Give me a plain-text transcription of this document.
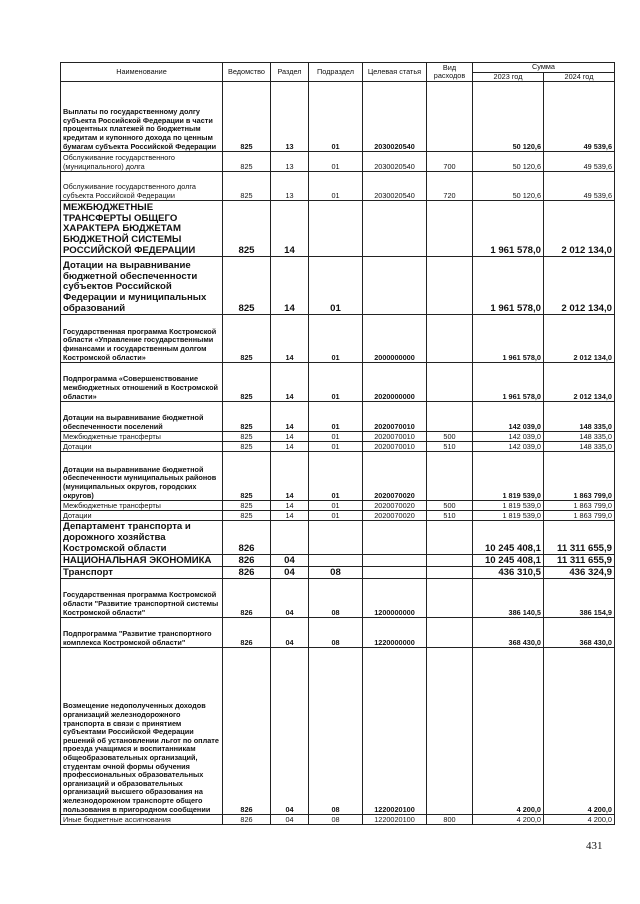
Наименование	Ведомство	Раздел	Подраздел	Целевая статья	Вид расходов	Сумма	
						2023 год	2024 год
Выплаты по государственному долгу субъекта Российской Федерации в части процентных платежей по бюджетным кредитам и купонного дохода по ценным бумагам субъекта Российской Федерации	825	13	01	2030020540		50 120,6	49 539,6
Обслуживание государственного (муниципального) долга	825	13	01	2030020540	700	50 120,6	49 539,6
Обслуживание государственного долга субъекта Российской Федерации	825	13	01	2030020540	720	50 120,6	49 539,6
МЕЖБЮДЖЕТНЫЕ ТРАНСФЕРТЫ ОБЩЕГО ХАРАКТЕРА БЮДЖЕТАМ БЮДЖЕТНОЙ СИСТЕМЫ РОССИЙСКОЙ ФЕДЕРАЦИИ	825	14				1 961 578,0	2 012 134,0
Дотации на выравнивание бюджетной обеспеченности субъектов Российской Федерации и муниципальных образований	825	14	01			1 961 578,0	2 012 134,0
Государственная программа Костромской области «Управление государственными финансами и государственным долгом Костромской области»	825	14	01	2000000000		1 961 578,0	2 012 134,0
Подпрограмма «Совершенствование межбюджетных отношений в Костромской области»	825	14	01	2020000000		1 961 578,0	2 012 134,0
Дотации на выравнивание бюджетной обеспеченности поселений	825	14	01	2020070010		142 039,0	148 335,0
Межбюджетные трансферты	825	14	01	2020070010	500	142 039,0	148 335,0
Дотации	825	14	01	2020070010	510	142 039,0	148 335,0
Дотации на выравнивание бюджетной обеспеченности муниципальных районов (муниципальных округов, городских округов)	825	14	01	2020070020		1 819 539,0	1 863 799,0
Межбюджетные трансферты	825	14	01	2020070020	500	1 819 539,0	1 863 799,0
Дотации	825	14	01	2020070020	510	1 819 539,0	1 863 799,0
Департамент транспорта и дорожного хозяйства Костромской области	826					10 245 408,1	11 311 655,9
НАЦИОНАЛЬНАЯ ЭКОНОМИКА	826	04				10 245 408,1	11 311 655,9
Транспорт	826	04	08			436 310,5	436 324,9
Государственная программа Костромской области "Развитие транспортной системы Костромской области"	826	04	08	1200000000		386 140,5	386 154,9
Подпрограмма "Развитие транспортного комплекса Костромской области"	826	04	08	1220000000		368 430,0	368 430,0
Возмещение недополученных доходов организаций железнодорожного транспорта в связи с принятием субъектами Российской Федерации решений об установлении льгот по оплате проезда учащимся и воспитанникам общеобразовательных организаций, студентам очной формы обучения профессиональных образовательных организаций и образовательных организаций высшего образования на железнодорожном транспорте общего пользования в пригородном сообщении	826	04	08	1220020100		4 200,0	4 200,0
Иные бюджетные ассигнования	826	04	08	1220020100	800	4 200,0	4 200,0
431
